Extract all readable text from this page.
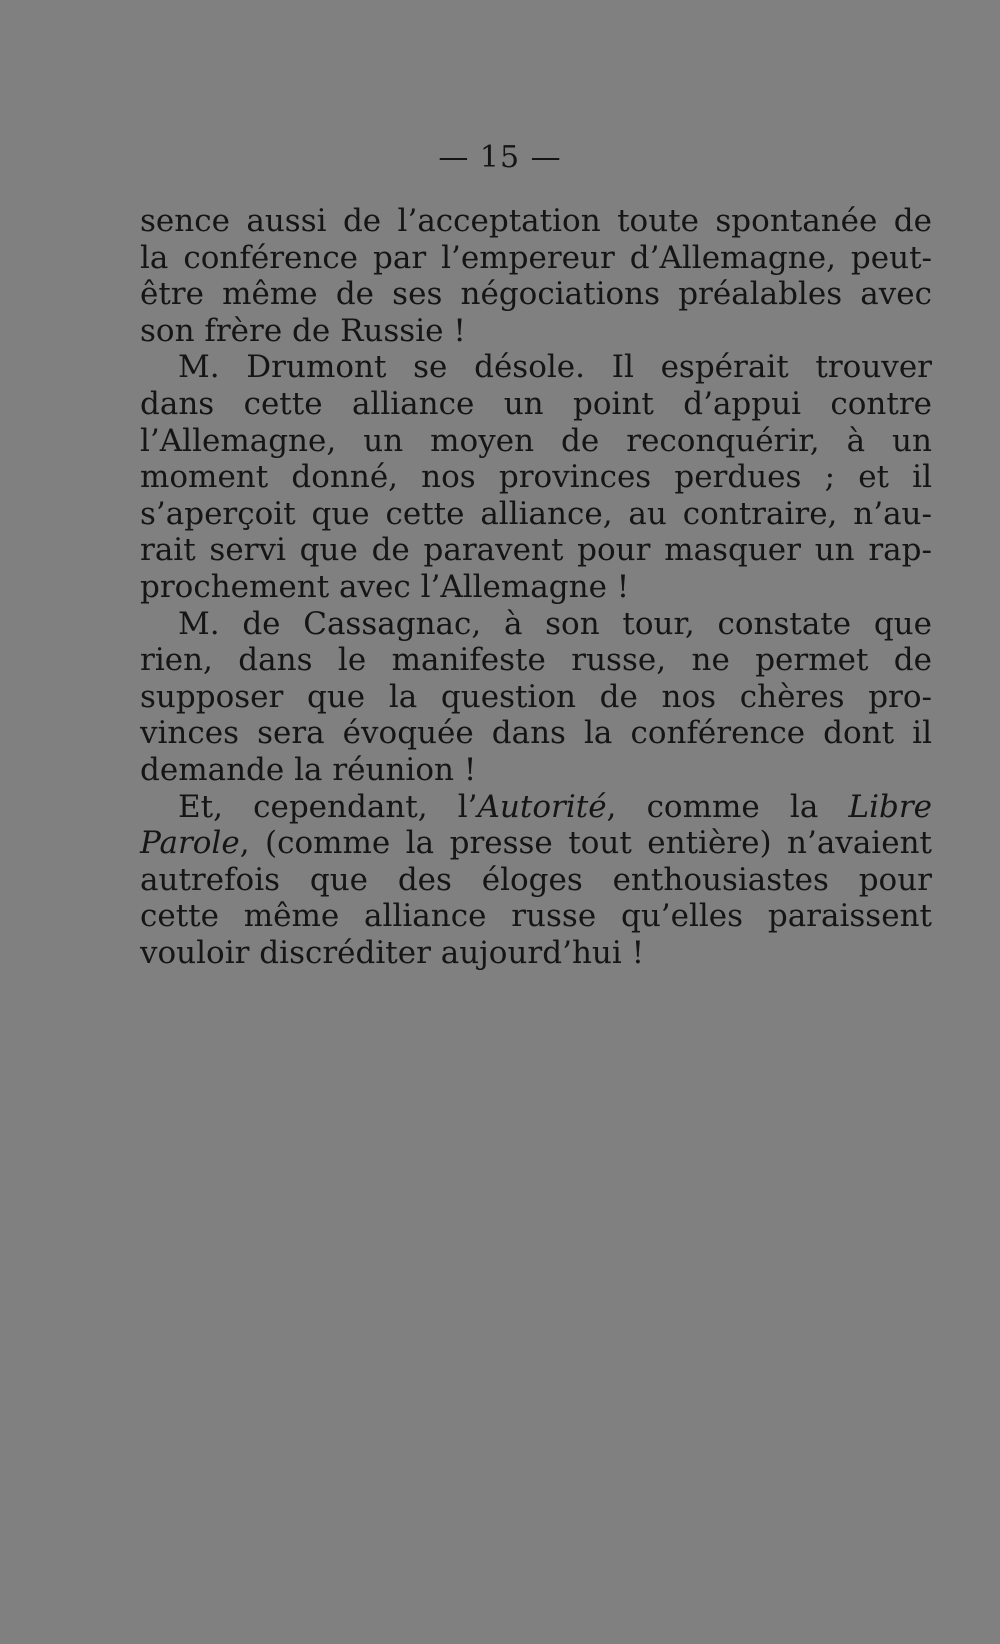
— 15 —
sence aussi de l’acceptation toute spontanée de
la conférence par l’empereur d’Allemagne, peut-
être même de ses négociations préalables avec
son frère de Russie !
M. Drumont se désole. Il espérait trouver
dans cette alliance un point d’appui contre
l’Allemagne, un moyen de reconquérir, à un
moment donné, nos provinces perdues ; et il
s’aperçoit que cette alliance, au contraire, n’au-
rait servi que de paravent pour masquer un rap-
prochement avec l’Allemagne !
M. de Cassagnac, à son tour, constate que
rien, dans le manifeste russe, ne permet de
supposer que la question de nos chères pro-
vinces sera évoquée dans la conférence dont il
demande la réunion !
Et, cependant, l’Autorité, comme la Libre
Parole, (comme la presse tout entière) n’avaient
autrefois que des éloges enthousiastes pour
cette même alliance russe qu’elles paraissent
vouloir discréditer aujourd’hui !
